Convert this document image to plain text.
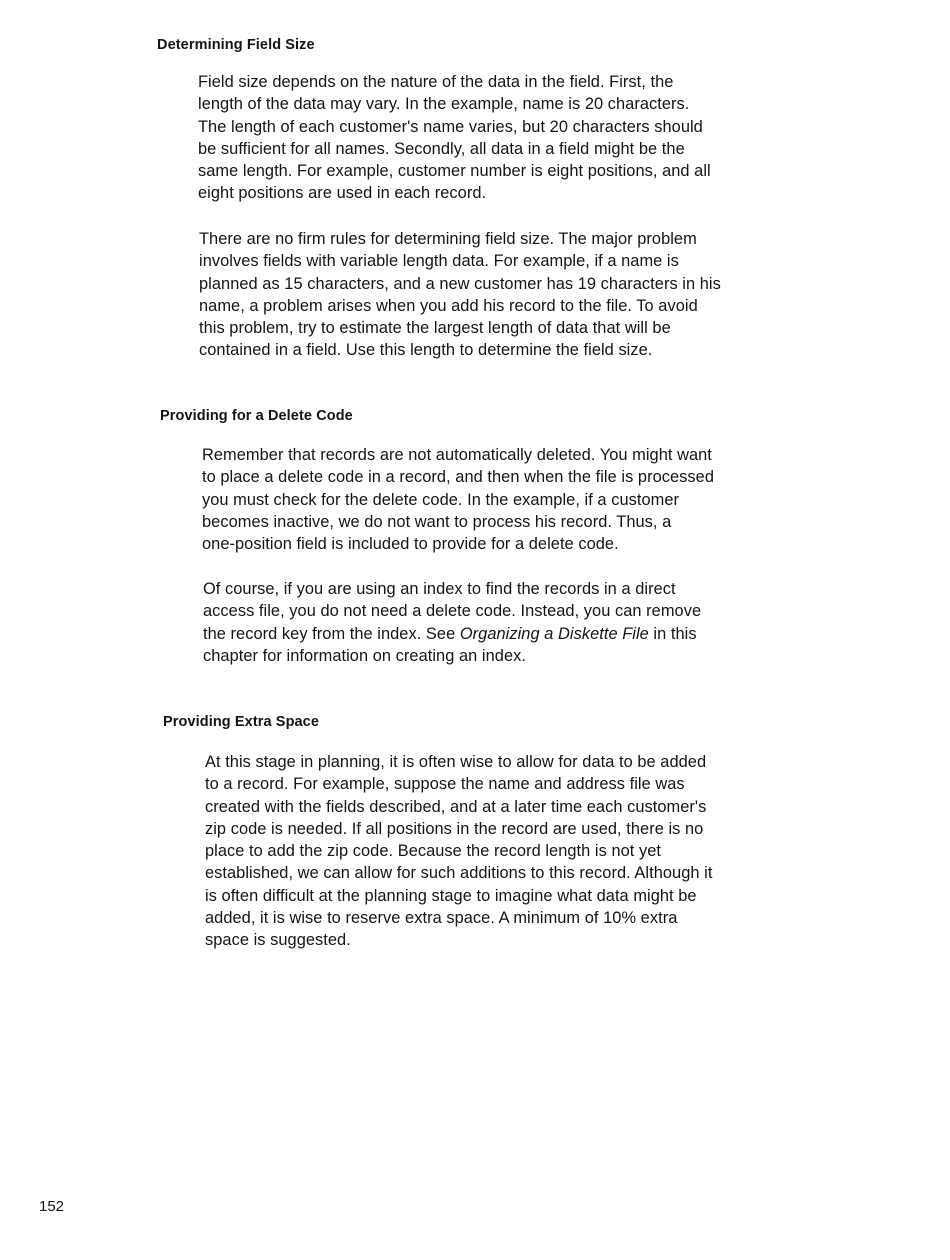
Determining Field Size
Field size depends on the nature of the data in the field. First, the
length of the data may vary. In the example, name is 20 characters.
The length of each customer's name varies, but 20 characters should
be sufficient for all names. Secondly, all data in a field might be the
same length. For example, customer number is eight positions, and all
eight positions are used in each record.
There are no firm rules for determining field size. The major problem
involves fields with variable length data. For example, if a name is
planned as 15 characters, and a new customer has 19 characters in his
name, a problem arises when you add his record to the file. To avoid
this problem, try to estimate the largest length of data that will be
contained in a field. Use this length to determine the field size.
Providing for a Delete Code
Remember that records are not automatically deleted. You might want
to place a delete code in a record, and then when the file is processed
you must check for the delete code. In the example, if a customer
becomes inactive, we do not want to process his record. Thus, a
one-position field is included to provide for a delete code.
Of course, if you are using an index to find the records in a direct
access file, you do not need a delete code. Instead, you can remove
the record key from the index. See Organizing a Diskette File in this
chapter for information on creating an index.
Providing Extra Space
At this stage in planning, it is often wise to allow for data to be added
to a record. For example, suppose the name and address file was
created with the fields described, and at a later time each customer's
zip code is needed. If all positions in the record are used, there is no
place to add the zip code. Because the record length is not yet
established, we can allow for such additions to this record. Although it
is often difficult at the planning stage to imagine what data might be
added, it is wise to reserve extra space. A minimum of 10% extra
space is suggested.
152
